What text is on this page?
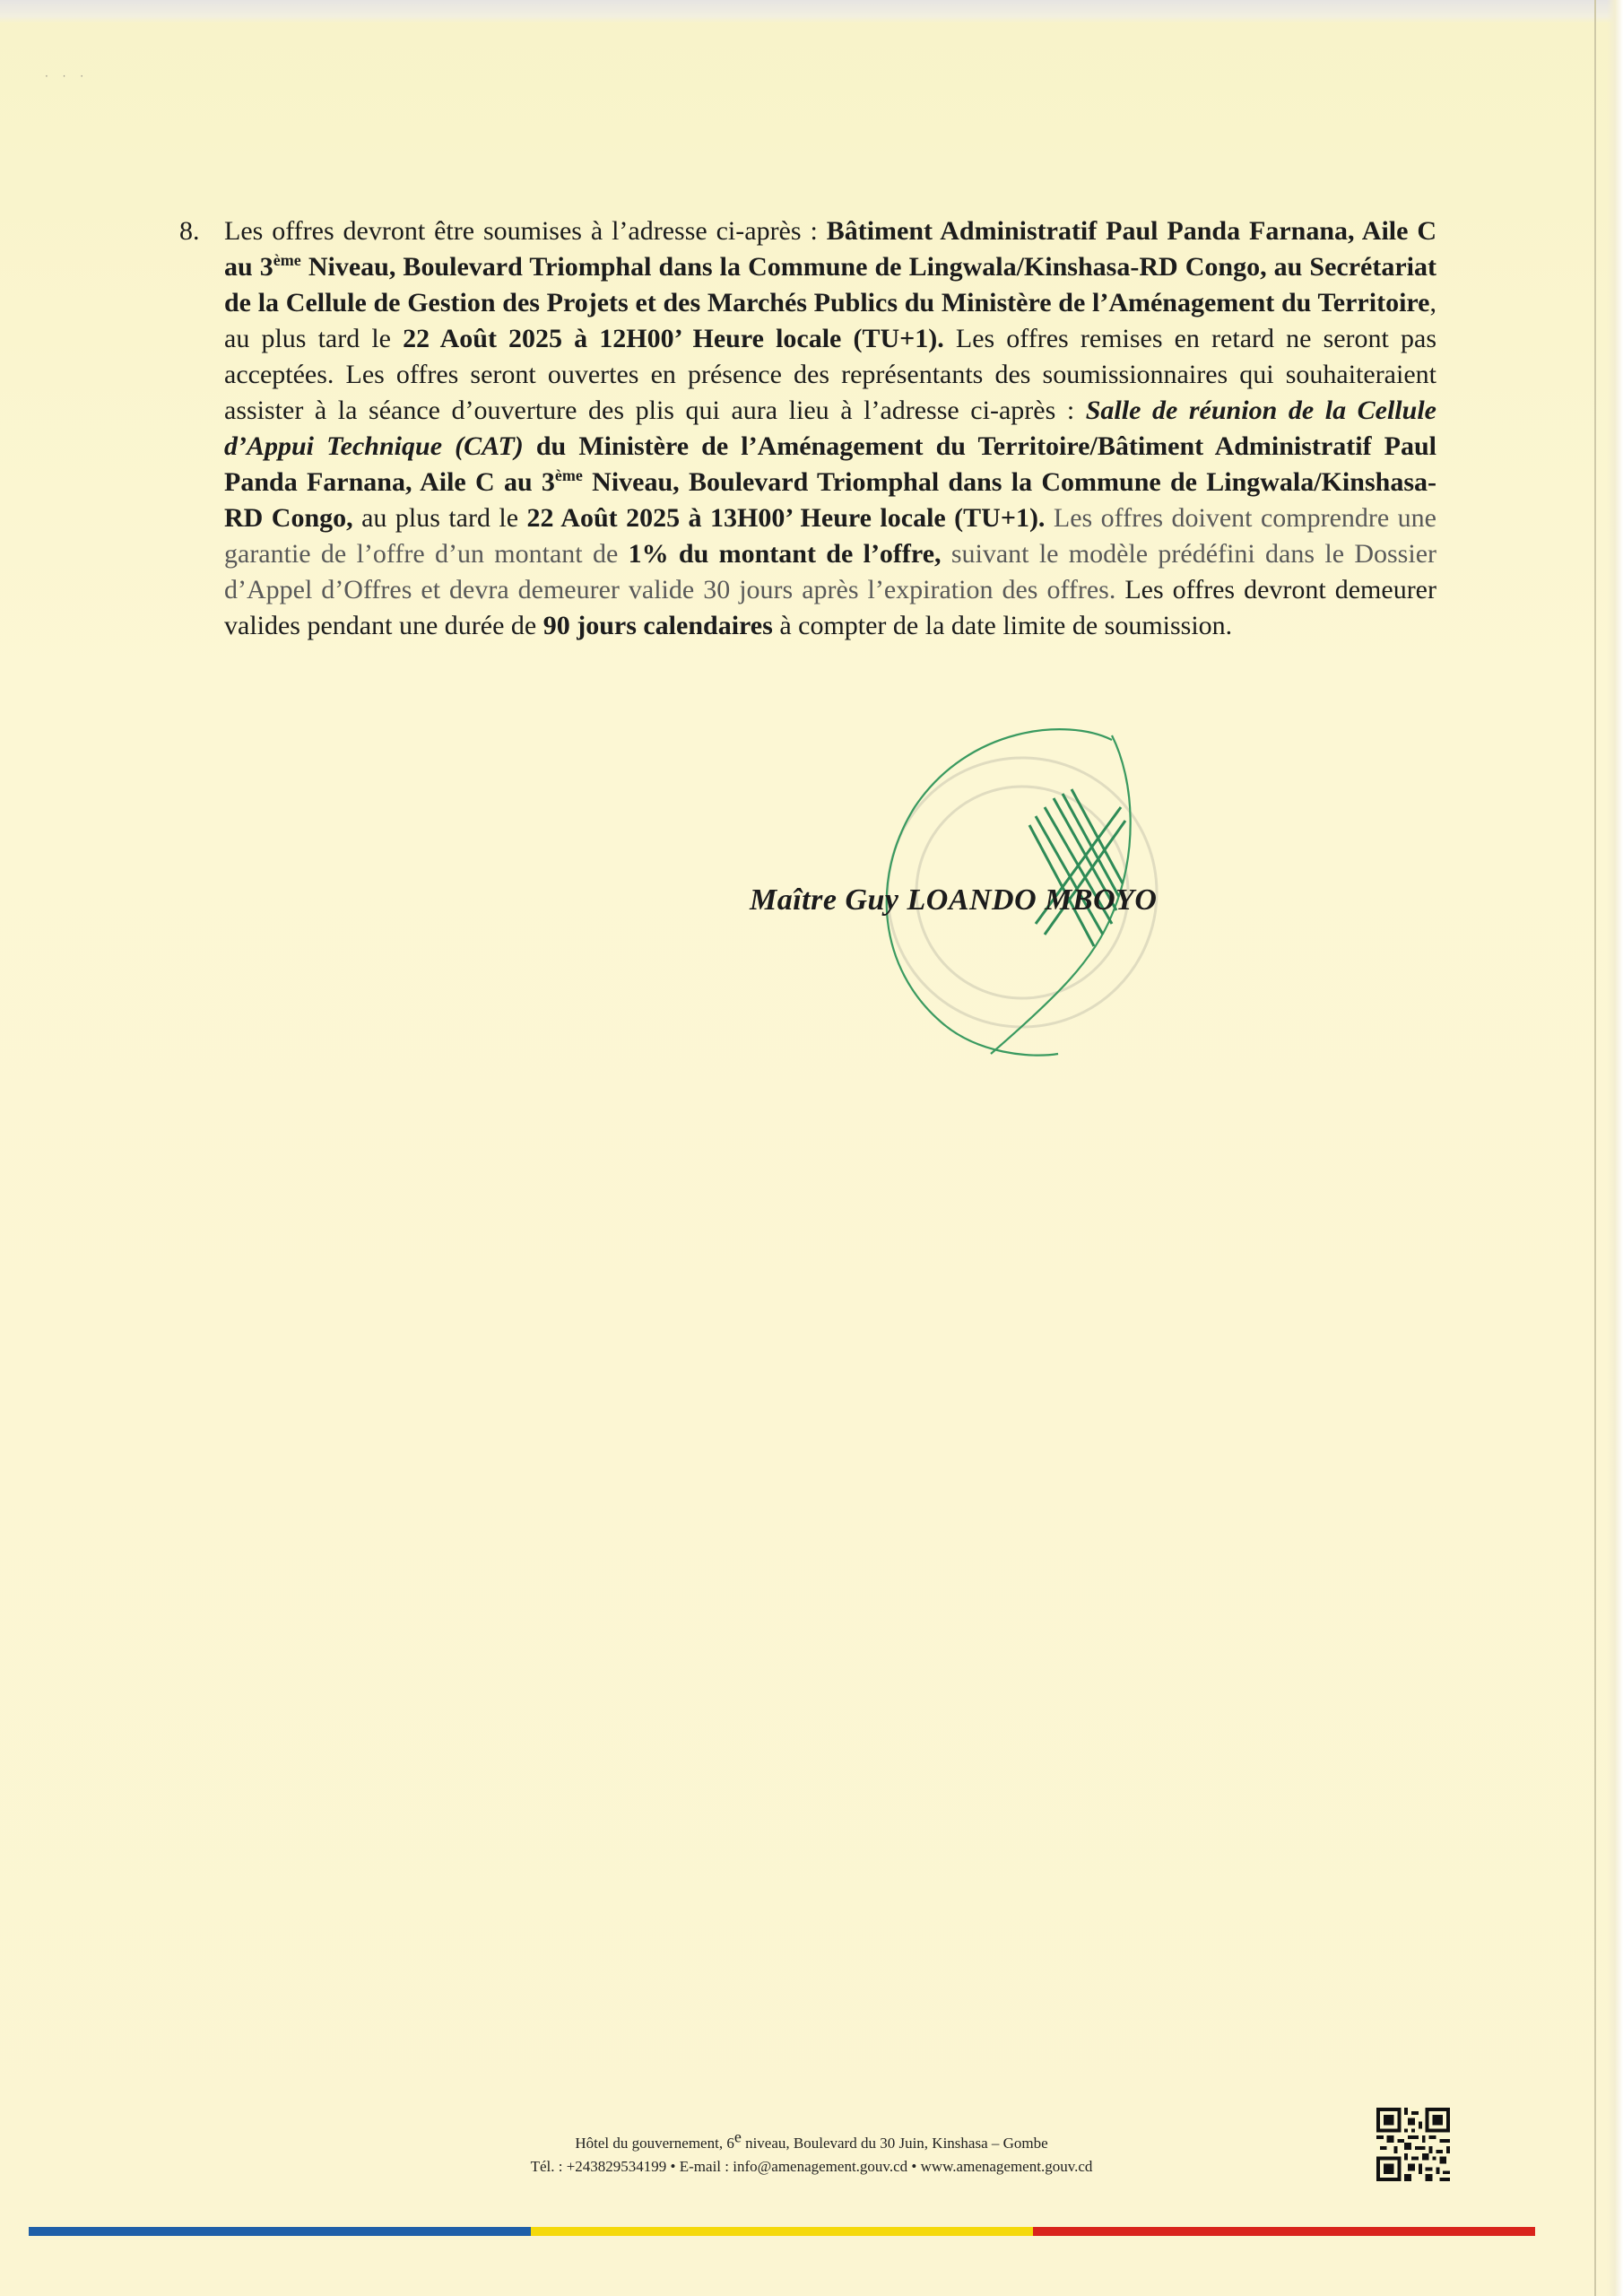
· · ·
8. Les offres devront être soumises à l’adresse ci-après : Bâtiment Administratif Paul Panda Farnana, Aile C au 3ème Niveau, Boulevard Triomphal dans la Commune de Lingwala/Kinshasa-RD Congo, au Secrétariat de la Cellule de Gestion des Projets et des Marchés Publics du Ministère de l’Aménagement du Territoire, au plus tard le 22 Août 2025 à 12H00’ Heure locale (TU+1). Les offres remises en retard ne seront pas acceptées. Les offres seront ouvertes en présence des représentants des soumissionnaires qui souhaiteraient assister à la séance d’ouverture des plis qui aura lieu à l’adresse ci-après : Salle de réunion de la Cellule d’Appui Technique (CAT) du Ministère de l’Aménagement du Territoire/Bâtiment Administratif Paul Panda Farnana, Aile C au 3ème Niveau, Boulevard Triomphal dans la Commune de Lingwala/Kinshasa-RD Congo, au plus tard le 22 Août 2025 à 13H00’ Heure locale (TU+1). Les offres doivent comprendre une garantie de l’offre d’un montant de 1% du montant de l’offre, suivant le modèle prédéfini dans le Dossier d’Appel d’Offres et devra demeurer valide 30 jours après l’expiration des offres. Les offres devront demeurer valides pendant une durée de 90 jours calendaires à compter de la date limite de soumission.
Maître Guy LOANDO MBOYO
Hôtel du gouvernement, 6e niveau, Boulevard du 30 Juin, Kinshasa – Gombe
Tél. : +243829534199 • E-mail : info@amenagement.gouv.cd • www.amenagement.gouv.cd
